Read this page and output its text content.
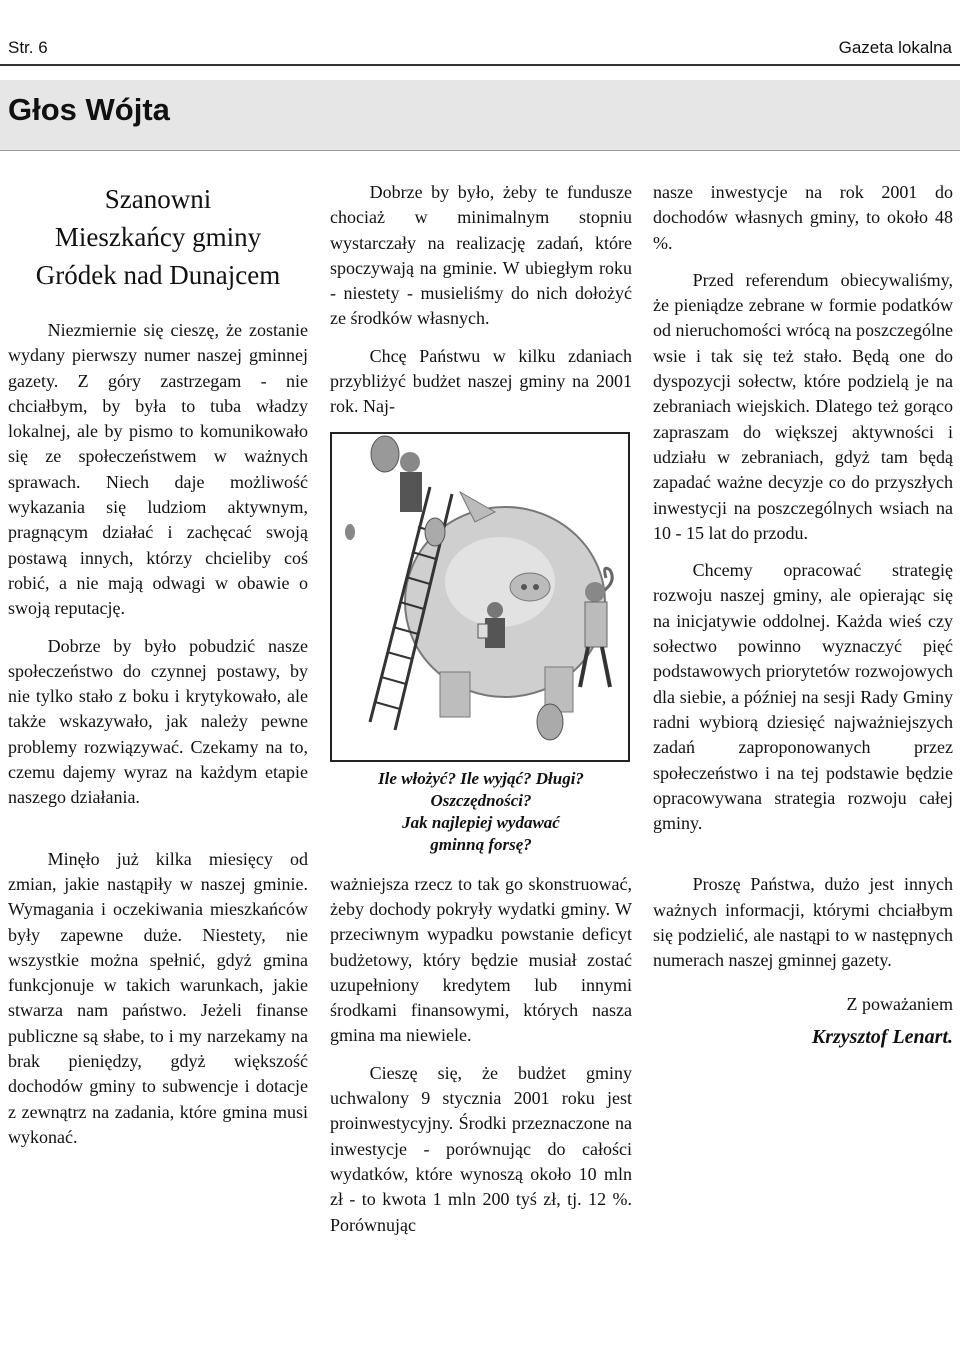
Str. 6	Gazeta lokalna
Głos Wójta
Szanowni
Mieszkańcy gminy
Gródek nad Dunajcem

Niezmiernie się cieszę, że zostanie wydany pierwszy numer naszej gminnej gazety. Z góry zastrzegam - nie chciałbym, by była to tuba władzy lokalnej, ale by pismo to komunikowało się ze społeczeństwem w ważnych sprawach. Niech daje możliwość wykazania się ludziom aktywnym, pragnącym działać i zachęcać swoją postawą innych, którzy chcieliby coś robić, a nie mają odwagi w obawie o swoją reputację.

Dobrze by było pobudzić nasze społeczeństwo do czynnej postawy, by nie tylko stało z boku i krytykowało, ale także wskazywało, jak należy pewne problemy rozwiązywać. Czekamy na to, czemu dajemy wyraz na każdym etapie naszego działania.

Minęło już kilka miesięcy od zmian, jakie nastąpiły w naszej gminie. Wymagania i oczekiwania mieszkańców były zapewne duże. Niestety, nie wszystkie można spełnić, gdyż gmina funkcjonuje w takich warunkach, jakie stwarza nam państwo. Jeżeli finanse publiczne są słabe, to i my narzekamy na brak pieniędzy, gdyż większość dochodów gminy to subwencje i dotacje z zewnątrz na zadania, które gmina musi wykonać.

Dobrze by było, żeby te fundusze chociaż w minimalnym stopniu wystarczały na realizację zadań, które spoczywają na gminie. W ubiegłym roku - niestety - musieliśmy do nich dołożyć ze środków własnych.

Chcę Państwu w kilku zdaniach przybliżyć budżet naszej gminy na 2001 rok. Naj-

Ile włożyć? Ile wyjąć? Długi?
Oszczędności?
Jak najlepiej wydawać
gminną forsę?

ważniejsza rzecz to tak go skonstruować, żeby dochody pokryły wydatki gminy. W przeciwnym wypadku powstanie deficyt budżetowy, który będzie musiał zostać uzupełniony kredytem lub innymi środkami finansowymi, których nasza gmina ma niewiele.

Cieszę się, że budżet gminy uchwalony 9 stycznia 2001 roku jest proinwestycyjny. Środki przeznaczone na inwestycje - porównując do całości wydatków, które wynoszą około 10 mln zł - to kwota 1 mln 200 tyś zł, tj. 12 %. Porównując

nasze inwestycje na rok 2001 do dochodów własnych gminy, to około 48 %.

Przed referendum obiecywaliśmy, że pieniądze zebrane w formie podatków od nieruchomości wrócą na poszczególne wsie i tak się też stało. Będą one do dyspozycji sołectw, które podzielą je na zebraniach wiejskich. Dlatego też gorąco zapraszam do większej aktywności i udziału w zebraniach, gdyż tam będą zapadać ważne decyzje co do przyszłych inwestycji na poszczególnych wsiach na 10 - 15 lat do przodu.

Chcemy opracować strategię rozwoju naszej gminy, ale opierając się na inicjatywie oddolnej. Każda wieś czy sołectwo powinno wyznaczyć pięć podstawowych priorytetów rozwojowych dla siebie, a później na sesji Rady Gminy radni wybiorą dziesięć najważniejszych zadań zaproponowanych przez społeczeństwo i na tej podstawie będzie opracowywana strategia rozwoju całej gminy.

Proszę Państwa, dużo jest innych ważnych informacji, którymi chciałbym się podzielić, ale nastąpi to w następnych numerach naszej gminnej gazety.

Z poważaniem
Krzysztof Lenart.
